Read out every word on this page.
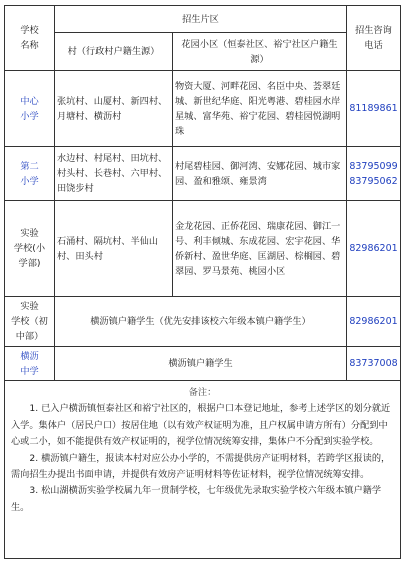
学校
名称	招生片区		招生咨询
电话
	村（行政村户籍生源）	花园小区（恒泰社区、裕宁社区户籍生源）	
中心
小学	张坑村、山厦村、新四村、月塘村、横沥村	物资大厦、河畔花园、名臣中央、荟翠廷城、新世纪华庭、阳光粤港、碧桂园水岸星城、富华苑、裕宁花园、碧桂园悦湖明珠	81189861
第二
小学	水边村、村尾村、田坑村、村头村、长巷村、六甲村、田饶步村	村尾碧桂园、御河湾、安娜花园、城市家园、盈和雅颂、雍景湾	83795099
83795062
实验
学校(小
学部)	石涌村、隔坑村、半仙山村、田头村	金龙花园、正侨花园、瑞康花园、御江一号、利丰倾城、东成花园、宏宇花园、华侨新村、盈世华庭、匡湖居、棕榈园、碧翠园、罗马景苑、桃园小区	82986201
实验
学校（初
中部）	横沥镇户籍学生（优先安排该校六年级本镇户籍学生）		82986201
横沥
中学	横沥镇户籍学生		83737008

备注：

1. 已入户横沥镇恒泰社区和裕宁社区的，根据户口本登记地址，参考上述学区的划分就近入学。集体户（居民户口）按居住地（以有效产权证明为准，且户权属申请方所有）分配到中心或二小，如不能提供有效产权证明的，视学位情况统筹安排，集体户不分配到实验学校。

2. 横沥镇户籍生，报读本村对应公办小学的，不需提供房产证明材料，若跨学区报读的，需向招生办提出书面申请，并提供有效房产证明材料等佐证材料，视学位情况统筹安排。

3. 松山湖横沥实验学校属九年一贯制学校，七年级优先录取实验学校六年级本镇户籍学生。			
